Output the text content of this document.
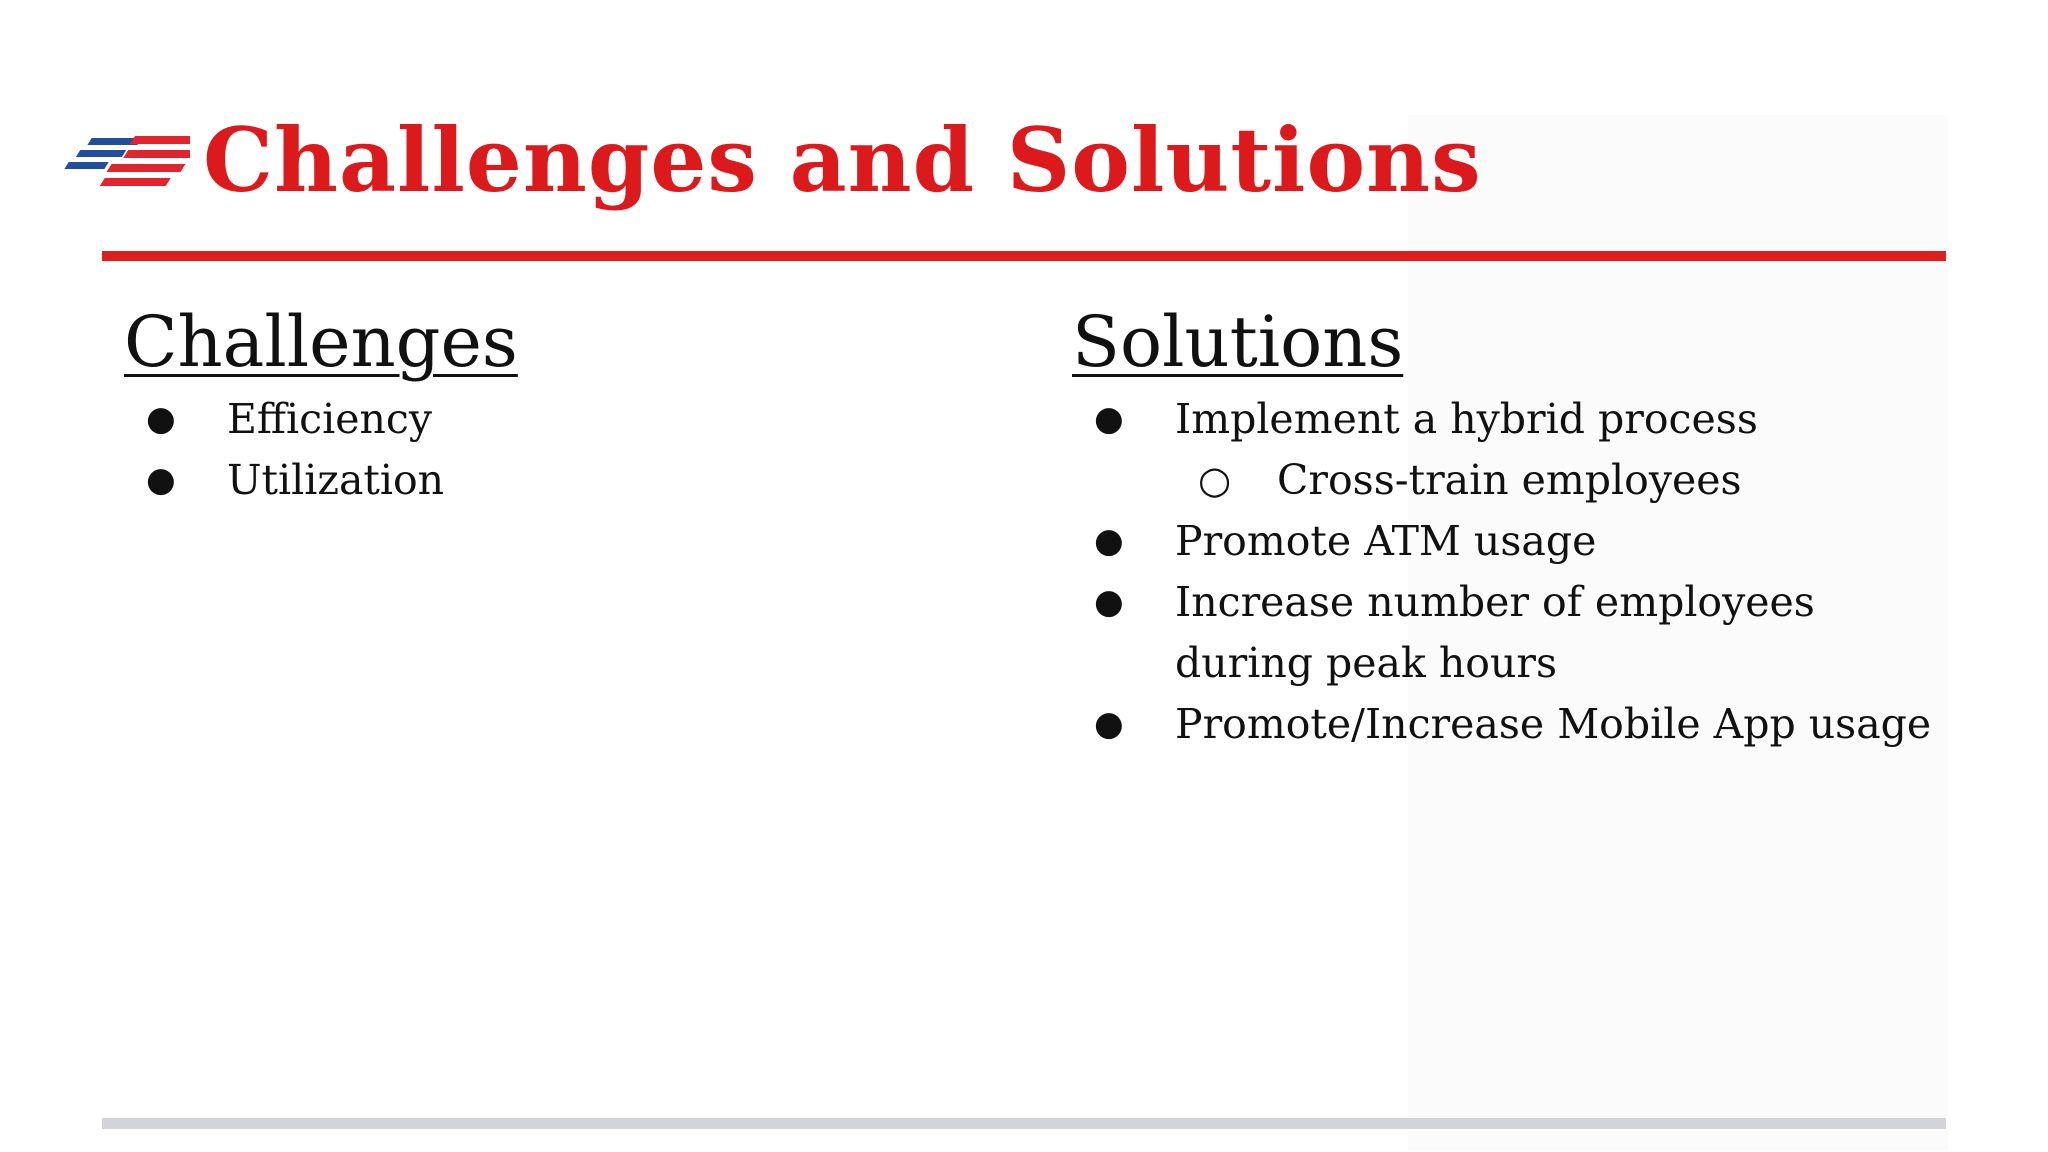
Challenges and Solutions
Challenges
● Efficiency
● Utilization
Solutions
● Implement a hybrid process
○ Cross-train employees
● Promote ATM usage
● Increase number of employees during peak hours
● Promote/Increase Mobile App usage
